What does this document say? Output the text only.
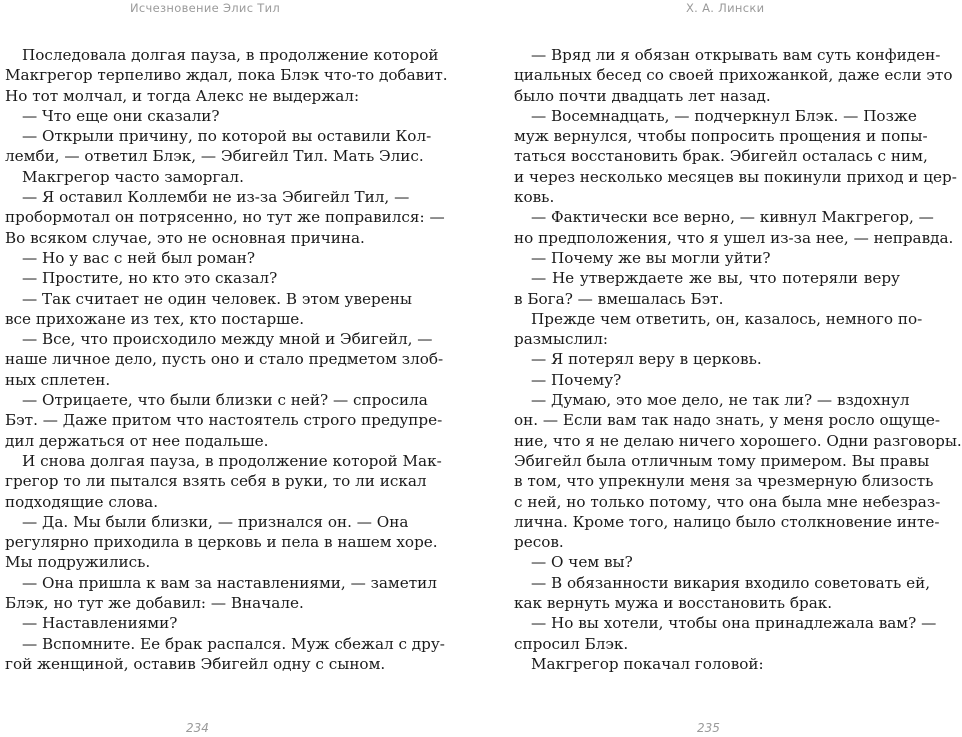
Исчезновение Элис Тил	Х. А. Лински
Последовала долгая пауза, в продолжение которой
Макгрегор терпеливо ждал, пока Блэк что-то добавит.
Но тот молчал, и тогда Алекс не выдержал:
— Что еще они сказали?
— Открыли причину, по которой вы оставили Кол-
лемби, — ответил Блэк, — Эбигейл Тил. Мать Элис.
Макгрегор часто заморгал.
— Я оставил Коллемби не из-за Эбигейл Тил, —
пробормотал он потрясенно, но тут же поправился: —
Во всяком случае, это не основная причина.
— Но у вас с ней был роман?
— Простите, но кто это сказал?
— Так считает не один человек. В этом уверены
все прихожане из тех, кто постарше.
— Все, что происходило между мной и Эбигейл, —
наше личное дело, пусть оно и стало предметом злоб-
ных сплетен.
— Отрицаете, что были близки с ней? — спросила
Бэт. — Даже притом что настоятель строго предупре-
дил держаться от нее подальше.
И снова долгая пауза, в продолжение которой Мак-
грегор то ли пытался взять себя в руки, то ли искал
подходящие слова.
— Да. Мы были близки, — признался он. — Она
регулярно приходила в церковь и пела в нашем хоре.
Мы подружились.
— Она пришла к вам за наставлениями, — заметил
Блэк, но тут же добавил: — Вначале.
— Наставлениями?
— Вспомните. Ее брак распался. Муж сбежал с дру-
гой женщиной, оставив Эбигейл одну с сыном.
— Вряд ли я обязан открывать вам суть конфиден-
циальных бесед со своей прихожанкой, даже если это
было почти двадцать лет назад.
— Восемнадцать, — подчеркнул Блэк. — Позже
муж вернулся, чтобы попросить прощения и попы-
таться восстановить брак. Эбигейл осталась с ним,
и через несколько месяцев вы покинули приход и цер-
ковь.
— Фактически все верно, — кивнул Макгрегор, —
но предположения, что я ушел из-за нее, — неправда.
— Почему же вы могли уйти?
— Не утверждаете же вы, что потеряли веру
в Бога? — вмешалась Бэт.
Прежде чем ответить, он, казалось, немного по-
размыслил:
— Я потерял веру в церковь.
— Почему?
— Думаю, это мое дело, не так ли? — вздохнул
он. — Если вам так надо знать, у меня росло ощуще-
ние, что я не делаю ничего хорошего. Одни разговоры.
Эбигейл была отличным тому примером. Вы правы
в том, что упрекнули меня за чрезмерную близость
с ней, но только потому, что она была мне небезраз-
лична. Кроме того, налицо было столкновение инте-
ресов.
— О чем вы?
— В обязанности викария входило советовать ей,
как вернуть мужа и восстановить брак.
— Но вы хотели, чтобы она принадлежала вам? —
спросил Блэк.
Макгрегор покачал головой:
234	235
